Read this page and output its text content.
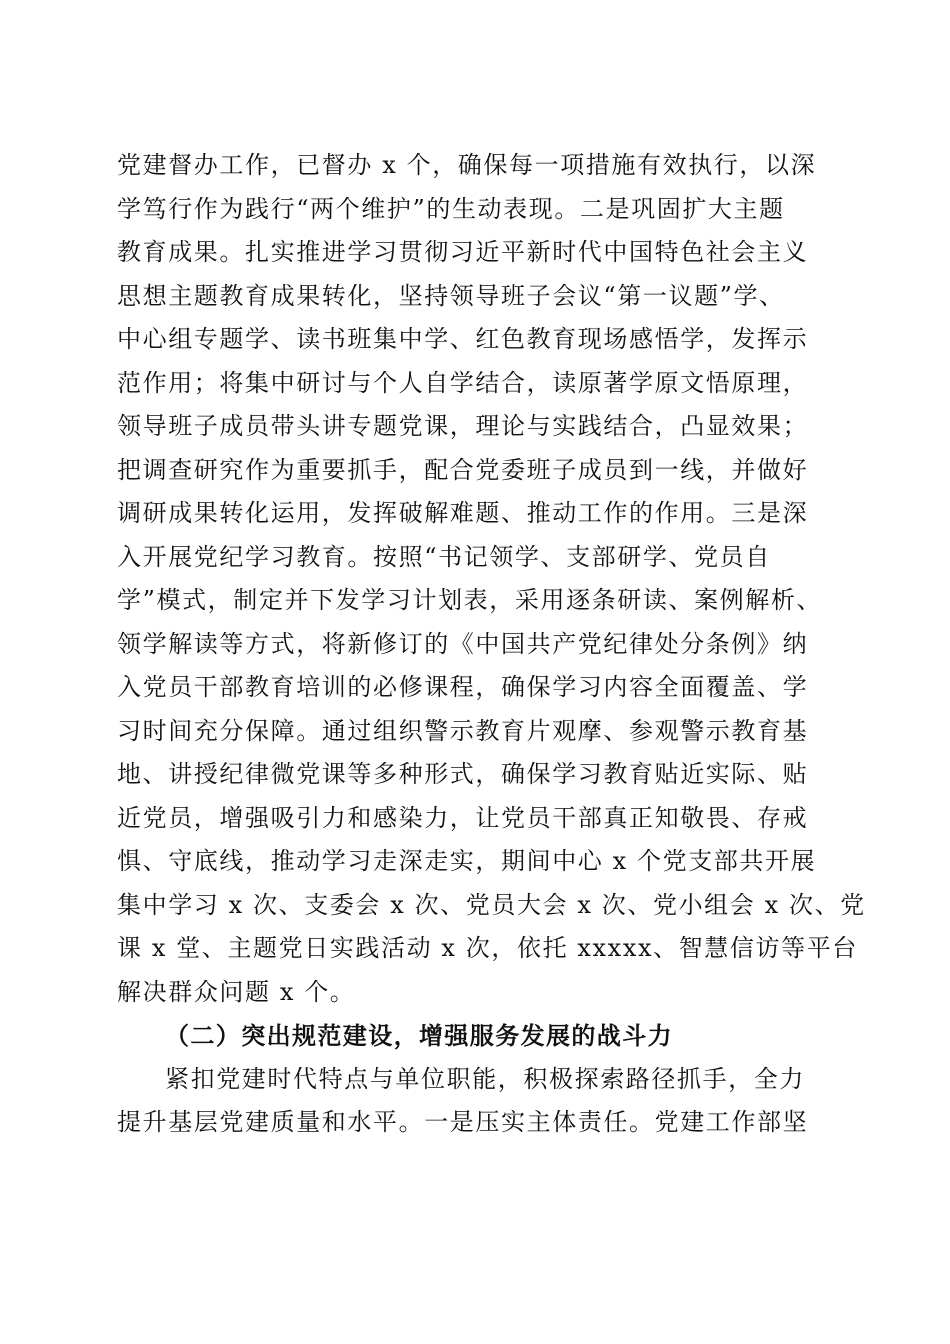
党建督办工作，已督办 x 个，确保每一项措施有效执行，以深
学笃行作为践行“两个维护”的生动表现。二是巩固扩大主题
教育成果。扎实推进学习贯彻习近平新时代中国特色社会主义
思想主题教育成果转化，坚持领导班子会议“第一议题”学、
中心组专题学、读书班集中学、红色教育现场感悟学，发挥示
范作用；将集中研讨与个人自学结合，读原著学原文悟原理，
领导班子成员带头讲专题党课，理论与实践结合，凸显效果；
把调查研究作为重要抓手，配合党委班子成员到一线，并做好
调研成果转化运用，发挥破解难题、推动工作的作用。三是深
入开展党纪学习教育。按照“书记领学、支部研学、党员自
学”模式，制定并下发学习计划表，采用逐条研读、案例解析、
领学解读等方式，将新修订的《中国共产党纪律处分条例》纳
入党员干部教育培训的必修课程，确保学习内容全面覆盖、学
习时间充分保障。通过组织警示教育片观摩、参观警示教育基
地、讲授纪律微党课等多种形式，确保学习教育贴近实际、贴
近党员，增强吸引力和感染力，让党员干部真正知敬畏、存戒
惧、守底线，推动学习走深走实，期间中心 x 个党支部共开展
集中学习 x 次、支委会 x 次、党员大会 x 次、党小组会 x 次、党
课 x 堂、主题党日实践活动 x 次，依托 xxxxx、智慧信访等平台
解决群众问题 x 个。
（二）突出规范建设，增强服务发展的战斗力
紧扣党建时代特点与单位职能，积极探索路径抓手，全力
提升基层党建质量和水平。一是压实主体责任。党建工作部坚
